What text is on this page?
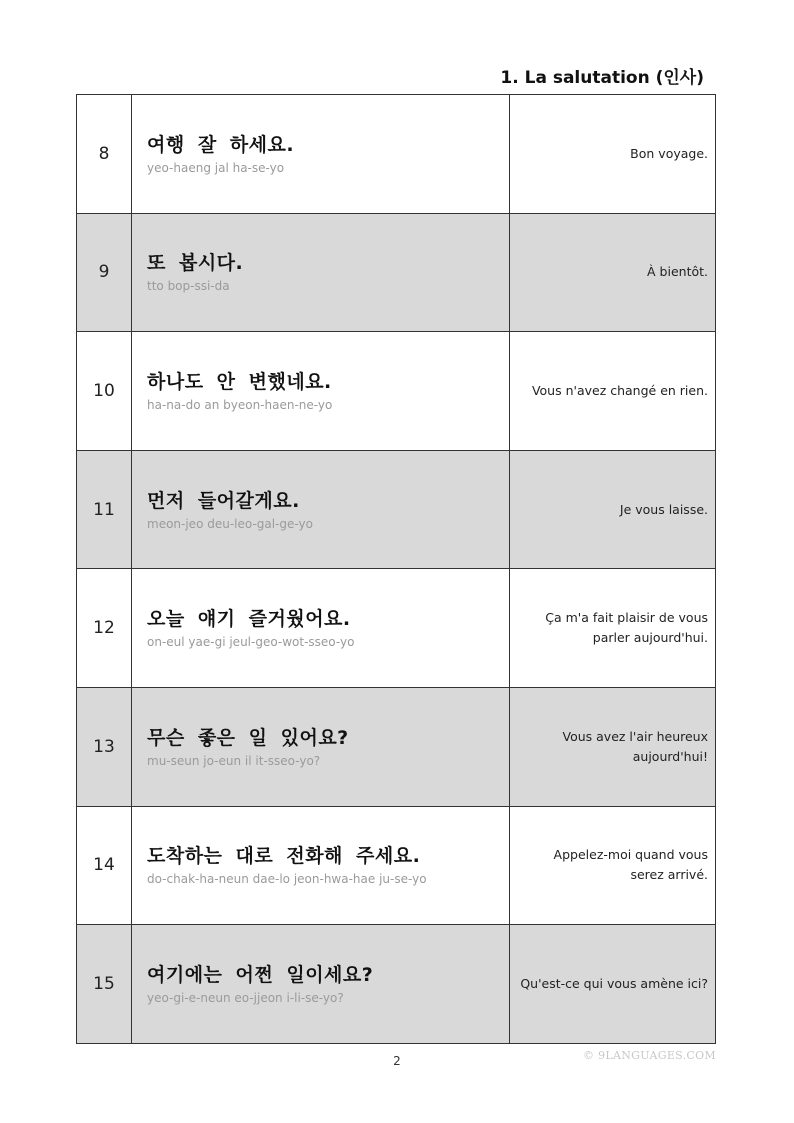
1. La salutation (인사)
8	여행 잘 하세요.
yeo-haeng jal ha-se-yo
Bon voyage.
9	또 봅시다.
tto bop-ssi-da
À bientôt.
10	하나도 안 변했네요.
ha-na-do an byeon-haen-ne-yo
Vous n'avez changé en rien.
11	먼저 들어갈게요.
meon-jeo deu-leo-gal-ge-yo
Je vous laisse.
12	오늘 얘기 즐거웠어요.
on-eul yae-gi jeul-geo-wot-sseo-yo
Ça m'a fait plaisir de vous parler aujourd'hui.
13	무슨 좋은 일 있어요?
mu-seun jo-eun il it-sseo-yo?
Vous avez l'air heureux aujourd'hui!
14	도착하는 대로 전화해 주세요.
do-chak-ha-neun dae-lo jeon-hwa-hae ju-se-yo
Appelez-moi quand vous serez arrivé.
15	여기에는 어쩐 일이세요?
yeo-gi-e-neun eo-jjeon i-li-se-yo?
Qu'est-ce qui vous amène ici?
2	© 9LANGUAGES.COM
